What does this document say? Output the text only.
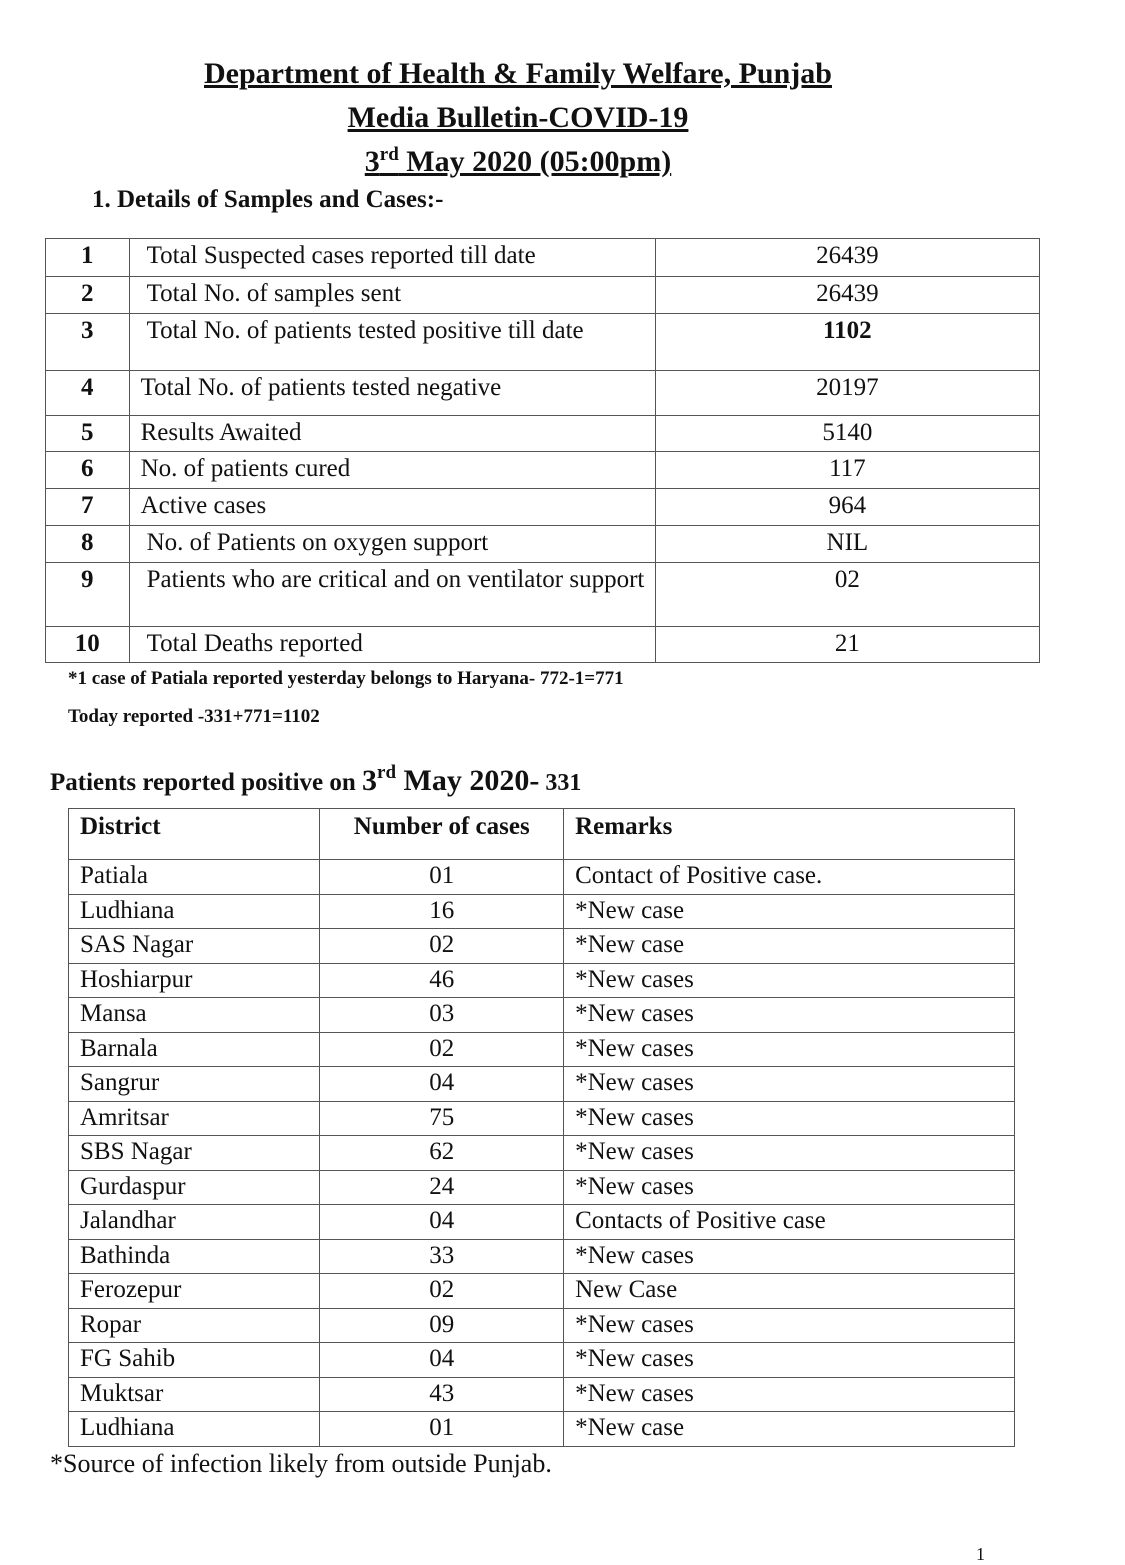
Department of Health & Family Welfare, Punjab
Media Bulletin-COVID-19
3rd May 2020 (05:00pm)
1. Details of Samples and Cases:-
1	Total Suspected cases reported till date	26439
2	Total No. of samples sent	26439
3	Total No. of patients tested positive till date	1102
4	Total No. of patients tested negative	20197
5	Results Awaited	5140
6	No. of patients cured	117
7	Active cases	964
8	No. of Patients on oxygen support	NIL
9	Patients who are critical and on ventilator support	02
10	Total Deaths reported	21
*1 case of Patiala reported yesterday belongs to Haryana- 772-1=771
Today reported -331+771=1102
Patients reported positive on 3rd May 2020- 331
District	Number of cases	Remarks
Patiala	01	Contact of Positive case.
Ludhiana	16	*New case
SAS Nagar	02	*New case
Hoshiarpur	46	*New cases
Mansa	03	*New cases
Barnala	02	*New cases
Sangrur	04	*New cases
Amritsar	75	*New cases
SBS Nagar	62	*New cases
Gurdaspur	24	*New cases
Jalandhar	04	Contacts of Positive case
Bathinda	33	*New cases
Ferozepur	02	New Case
Ropar	09	*New cases
FG Sahib	04	*New cases
Muktsar	43	*New cases
Ludhiana	01	*New case
*Source of infection likely from outside Punjab.
1
